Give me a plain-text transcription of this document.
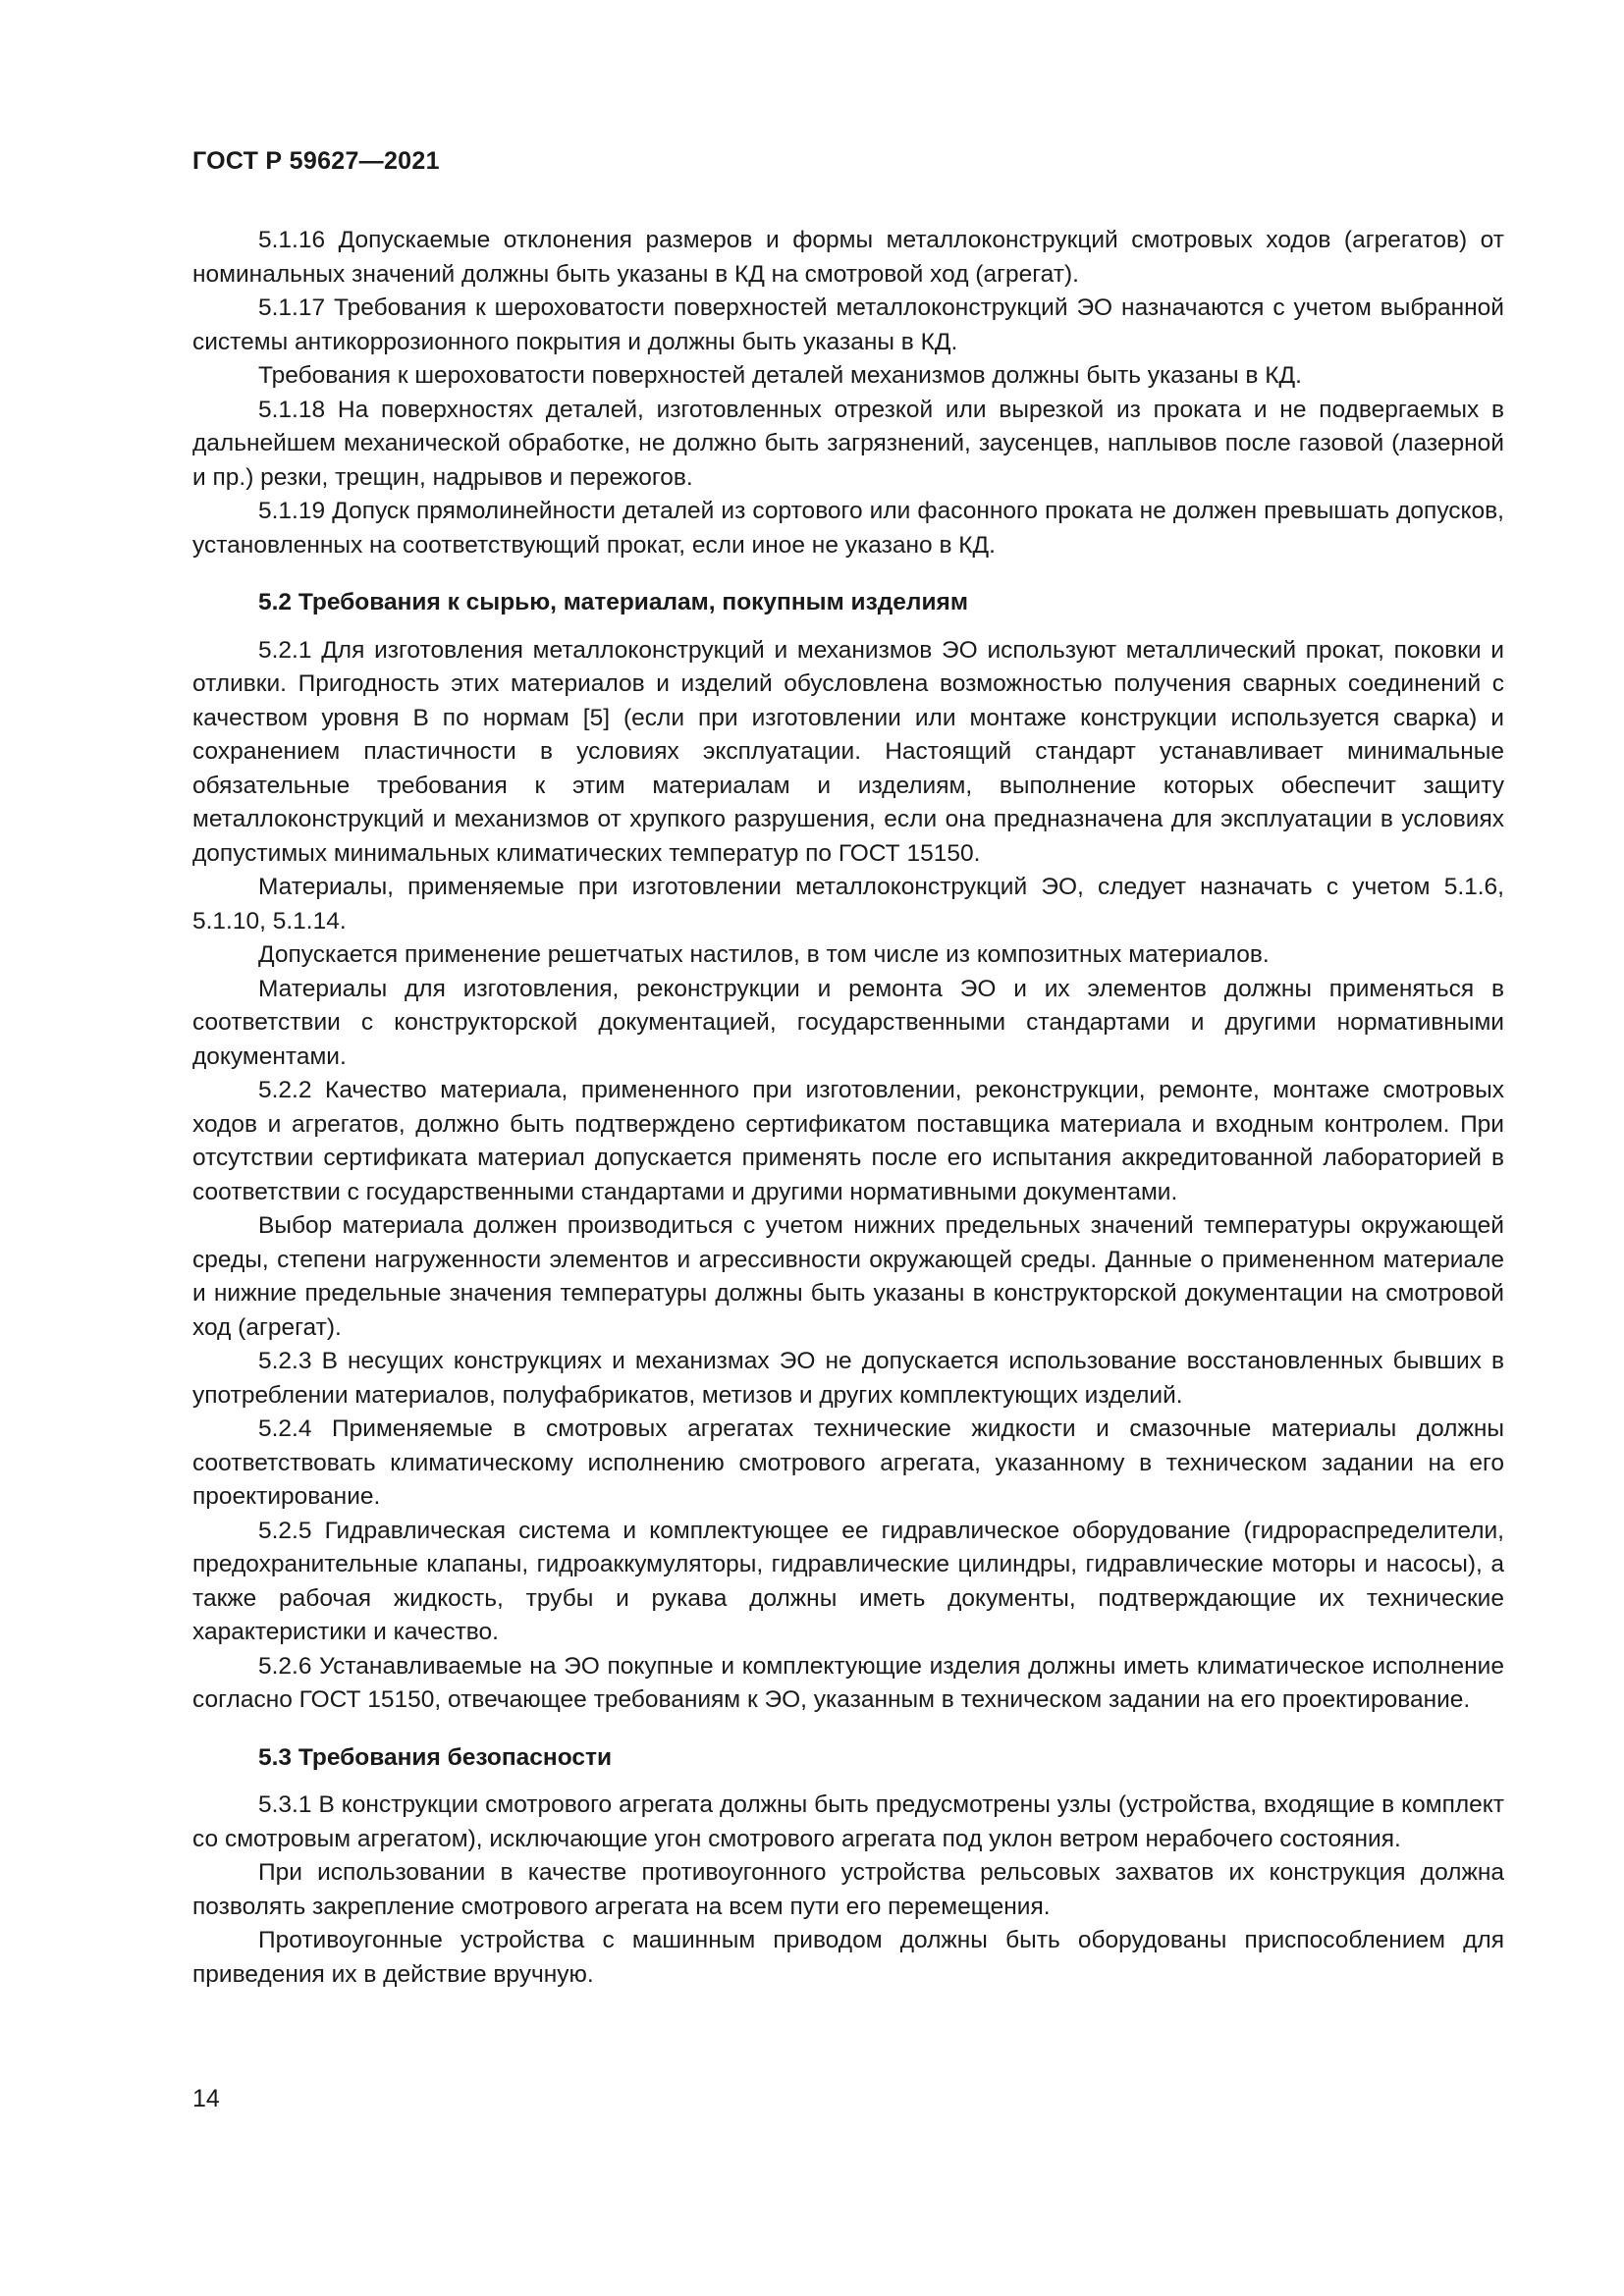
ГОСТ Р 59627—2021

5.1.16 Допускаемые отклонения размеров и формы металлоконструкций смотровых ходов (агрегатов) от номинальных значений должны быть указаны в КД на смотровой ход (агрегат).

5.1.17 Требования к шероховатости поверхностей металлоконструкций ЭО назначаются с учетом выбранной системы антикоррозионного покрытия и должны быть указаны в КД.

Требования к шероховатости поверхностей деталей механизмов должны быть указаны в КД.

5.1.18 На поверхностях деталей, изготовленных отрезкой или вырезкой из проката и не подвергаемых в дальнейшем механической обработке, не должно быть загрязнений, заусенцев, наплывов после газовой (лазерной и пр.) резки, трещин, надрывов и пережогов.

5.1.19 Допуск прямолинейности деталей из сортового или фасонного проката не должен превышать допусков, установленных на соответствующий прокат, если иное не указано в КД.

5.2 Требования к сырью, материалам, покупным изделиям

5.2.1 Для изготовления металлоконструкций и механизмов ЭО используют металлический прокат, поковки и отливки. Пригодность этих материалов и изделий обусловлена возможностью получения сварных соединений с качеством уровня В по нормам [5] (если при изготовлении или монтаже конструкции используется сварка) и сохранением пластичности в условиях эксплуатации. Настоящий стандарт устанавливает минимальные обязательные требования к этим материалам и изделиям, выполнение которых обеспечит защиту металлоконструкций и механизмов от хрупкого разрушения, если она предназначена для эксплуатации в условиях допустимых минимальных климатических температур по ГОСТ 15150.

Материалы, применяемые при изготовлении металлоконструкций ЭО, следует назначать с учетом 5.1.6, 5.1.10, 5.1.14.

Допускается применение решетчатых настилов, в том числе из композитных материалов.

Материалы для изготовления, реконструкции и ремонта ЭО и их элементов должны применяться в соответствии с конструкторской документацией, государственными стандартами и другими нормативными документами.

5.2.2 Качество материала, примененного при изготовлении, реконструкции, ремонте, монтаже смотровых ходов и агрегатов, должно быть подтверждено сертификатом поставщика материала и входным контролем. При отсутствии сертификата материал допускается применять после его испытания аккредитованной лабораторией в соответствии с государственными стандартами и другими нормативными документами.

Выбор материала должен производиться с учетом нижних предельных значений температуры окружающей среды, степени нагруженности элементов и агрессивности окружающей среды. Данные о примененном материале и нижние предельные значения температуры должны быть указаны в конструкторской документации на смотровой ход (агрегат).

5.2.3 В несущих конструкциях и механизмах ЭО не допускается использование восстановленных бывших в употреблении материалов, полуфабрикатов, метизов и других комплектующих изделий.

5.2.4 Применяемые в смотровых агрегатах технические жидкости и смазочные материалы должны соответствовать климатическому исполнению смотрового агрегата, указанному в техническом задании на его проектирование.

5.2.5 Гидравлическая система и комплектующее ее гидравлическое оборудование (гидрораспределители, предохранительные клапаны, гидроаккумуляторы, гидравлические цилиндры, гидравлические моторы и насосы), а также рабочая жидкость, трубы и рукава должны иметь документы, подтверждающие их технические характеристики и качество.

5.2.6 Устанавливаемые на ЭО покупные и комплектующие изделия должны иметь климатическое исполнение согласно ГОСТ 15150, отвечающее требованиям к ЭО, указанным в техническом задании на его проектирование.

5.3 Требования безопасности

5.3.1 В конструкции смотрового агрегата должны быть предусмотрены узлы (устройства, входящие в комплект со смотровым агрегатом), исключающие угон смотрового агрегата под уклон ветром нерабочего состояния.

При использовании в качестве противоугонного устройства рельсовых захватов их конструкция должна позволять закрепление смотрового агрегата на всем пути его перемещения.

Противоугонные устройства с машинным приводом должны быть оборудованы приспособлением для приведения их в действие вручную.

14
